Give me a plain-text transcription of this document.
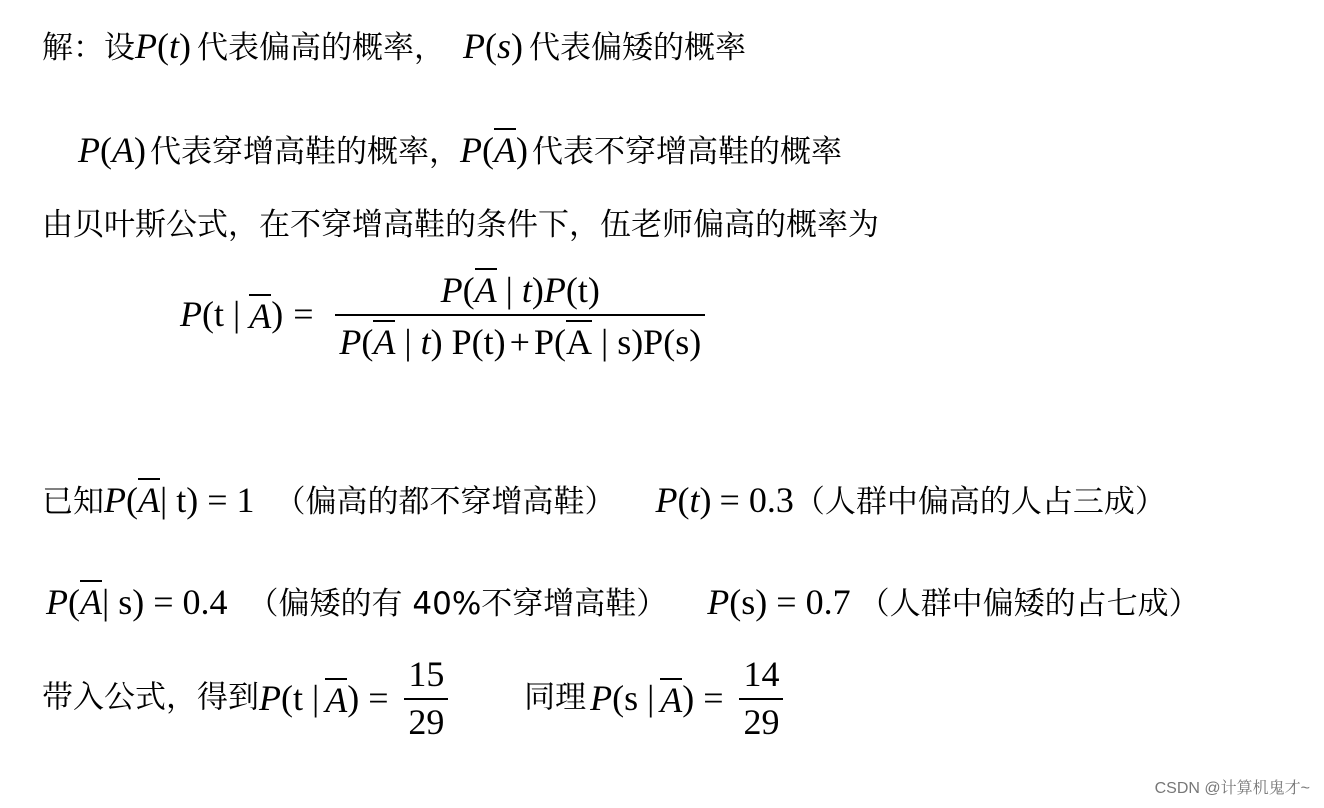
解：设P(t) 代表偏高的概率， P(s) 代表偏矮的概率
P(A) 代表穿增高鞋的概率，P(A) 代表不穿增高鞋的概率
由贝叶斯公式，在不穿增高鞋的条件下，伍老师偏高的概率为
P(t | $A) = \frac{P(A | t)P(t)}{P(A | t) P(t) + P(A | s)P(s)}$
已知P(A| t) = 1 （偏高的都不穿增高鞋） P(t) = 0.3（人群中偏高的人占三成）
P(A| s) = 0.4 （偏矮的有 40%不穿增高鞋） P(s) = 0.7 （人群中偏矮的占七成）
带入公式，得到P(t | $A) = \frac{15}{29}$ 同理 P(s | $A) = \frac{14}{29}$
CSDN @计算机鬼才~
